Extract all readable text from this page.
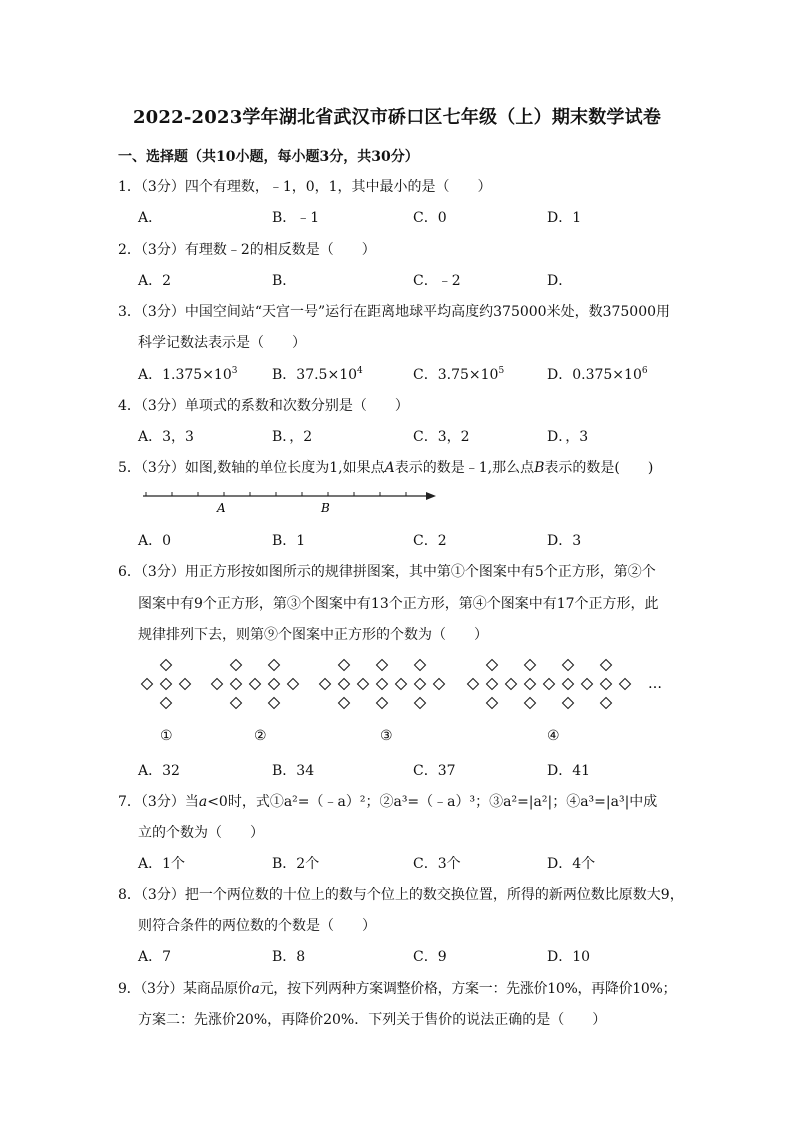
2022-2023学年湖北省武汉市硚口区七年级（上）期末数学试卷
一、选择题（共10小题，每小题3分，共30分）
1．（3分）四个有理数，﹣1，0，1，其中最小的是（　　）
A．	B．﹣1	C．0	D．1
2．（3分）有理数﹣2的相反数是（　　）
A．2	B．	C．﹣2	D．
3．（3分）中国空间站“天宫一号”运行在距离地球平均高度约375000米处，数375000用
科学记数法表示是（　　）
A．$1.375\times 10^3$ B．$37.5\times 10^4$	C．$3.75\times 10^5$	D．$0.375\times 10^6$
4．（3分）单项式的系数和次数分别是（　　）
A．3，3	B．，2	C．3，2	D．，3
5．（3分）如图,数轴的单位长度为1,如果点A表示的数是﹣1,那么点B表示的数是(　　)
A	B
A．0	B．1	C．2	D．3
6．（3分）用正方形按如图所示的规律拼图案，其中第①个图案中有5个正方形，第②个
图案中有9个正方形，第③个图案中有13个正方形，第④个图案中有17个正方形，此
规律排列下去，则第⑨个图案中正方形的个数为（　　）
…
①	②	③	④
A．32	B．34	C．37	D．41
7．（3分）当a<0时，式①a²=（﹣a）²；②a³=（﹣a）³；③a²=|a²|；④a³=|a³|中成
立的个数为（　　）
A．1个	B．2个	C．3个	D．4个
8．（3分）把一个两位数的十位上的数与个位上的数交换位置，所得的新两位数比原数大9，
则符合条件的两位数的个数是（　　）
A．7	B．8	C．9	D．10
9．（3分）某商品原价a元，按下列两种方案调整价格，方案一：先涨价10%，再降价10%；
方案二：先涨价20%，再降价20%．下列关于售价的说法正确的是（　　）
